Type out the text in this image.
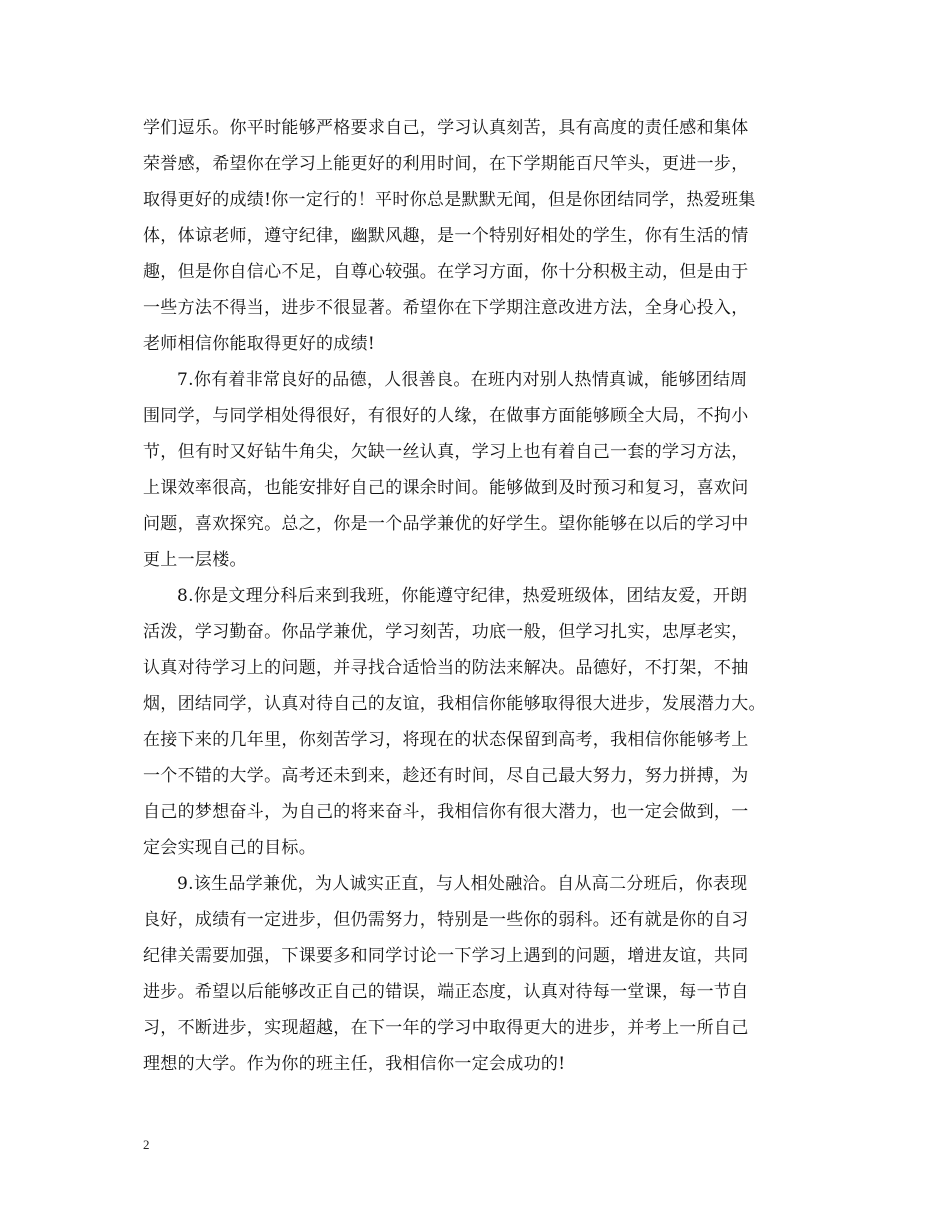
学们逗乐。你平时能够严格要求自己，学习认真刻苦，具有高度的责任感和集体
荣誉感，希望你在学习上能更好的利用时间，在下学期能百尺竿头，更进一步，
取得更好的成绩!你一定行的！平时你总是默默无闻，但是你团结同学，热爱班集
体，体谅老师，遵守纪律，幽默风趣，是一个特别好相处的学生，你有生活的情
趣，但是你自信心不足，自尊心较强。在学习方面，你十分积极主动，但是由于
一些方法不得当，进步不很显著。希望你在下学期注意改进方法，全身心投入，
老师相信你能取得更好的成绩!
7.你有着非常良好的品德，人很善良。在班内对别人热情真诚，能够团结周
围同学，与同学相处得很好，有很好的人缘，在做事方面能够顾全大局，不拘小
节，但有时又好钻牛角尖，欠缺一丝认真，学习上也有着自己一套的学习方法，
上课效率很高，也能安排好自己的课余时间。能够做到及时预习和复习，喜欢问
问题，喜欢探究。总之，你是一个品学兼优的好学生。望你能够在以后的学习中
更上一层楼。
8.你是文理分科后来到我班，你能遵守纪律，热爱班级体，团结友爱，开朗
活泼，学习勤奋。你品学兼优，学习刻苦，功底一般，但学习扎实，忠厚老实，
认真对待学习上的问题，并寻找合适恰当的防法来解决。品德好，不打架，不抽
烟，团结同学，认真对待自己的友谊，我相信你能够取得很大进步，发展潜力大。
在接下来的几年里，你刻苦学习，将现在的状态保留到高考，我相信你能够考上
一个不错的大学。高考还未到来，趁还有时间，尽自己最大努力，努力拼搏，为
自己的梦想奋斗，为自己的将来奋斗，我相信你有很大潜力，也一定会做到，一
定会实现自己的目标。
9.该生品学兼优，为人诚实正直，与人相处融洽。自从高二分班后，你表现
良好，成绩有一定进步，但仍需努力，特别是一些你的弱科。还有就是你的自习
纪律关需要加强，下课要多和同学讨论一下学习上遇到的问题，增进友谊，共同
进步。希望以后能够改正自己的错误，端正态度，认真对待每一堂课，每一节自
习，不断进步，实现超越，在下一年的学习中取得更大的进步，并考上一所自己
理想的大学。作为你的班主任，我相信你一定会成功的!
2
